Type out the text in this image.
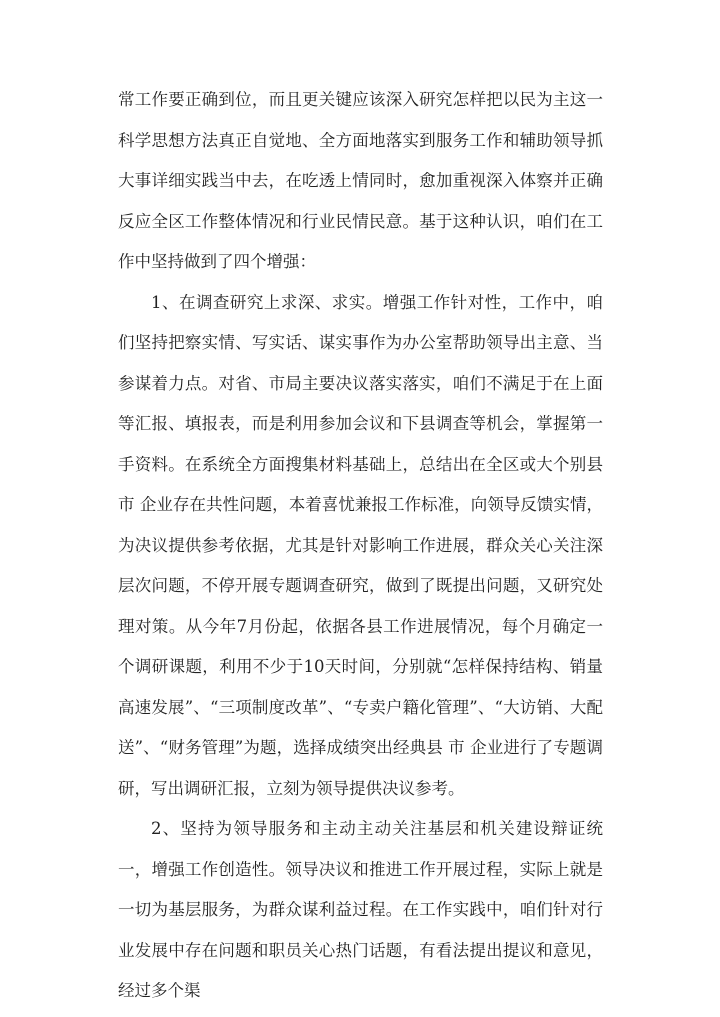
常工作要正确到位，而且更关键应该深入研究怎样把以民为主这一科学思想方法真正自觉地、全方面地落实到服务工作和辅助领导抓大事详细实践当中去，在吃透上情同时，愈加重视深入体察并正确反应全区工作整体情况和行业民情民意。基于这种认识，咱们在工作中坚持做到了四个增强：

1、在调查研究上求深、求实。增强工作针对性，工作中，咱们坚持把察实情、写实话、谋实事作为办公室帮助领导出主意、当参谋着力点。对省、市局主要决议落实落实，咱们不满足于在上面等汇报、填报表，而是利用参加会议和下县调查等机会，掌握第一手资料。在系统全方面搜集材料基础上，总结出在全区或大个别县 市 企业存在共性问题，本着喜忧兼报工作标准，向领导反馈实情，为决议提供参考依据，尤其是针对影响工作进展，群众关心关注深层次问题，不停开展专题调查研究，做到了既提出问题，又研究处理对策。从今年7月份起，依据各县工作进展情况，每个月确定一个调研课题，利用不少于10天时间，分别就“怎样保持结构、销量高速发展”、“三项制度改革”、“专卖户籍化管理”、“大访销、大配送”、“财务管理”为题，选择成绩突出经典县 市 企业进行了专题调研，写出调研汇报，立刻为领导提供决议参考。

2、坚持为领导服务和主动主动关注基层和机关建设辩证统一，增强工作创造性。领导决议和推进工作开展过程，实际上就是一切为基层服务，为群众谋利益过程。在工作实践中，咱们针对行业发展中存在问题和职员关心热门话题，有看法提出提议和意见，经过多个渠
